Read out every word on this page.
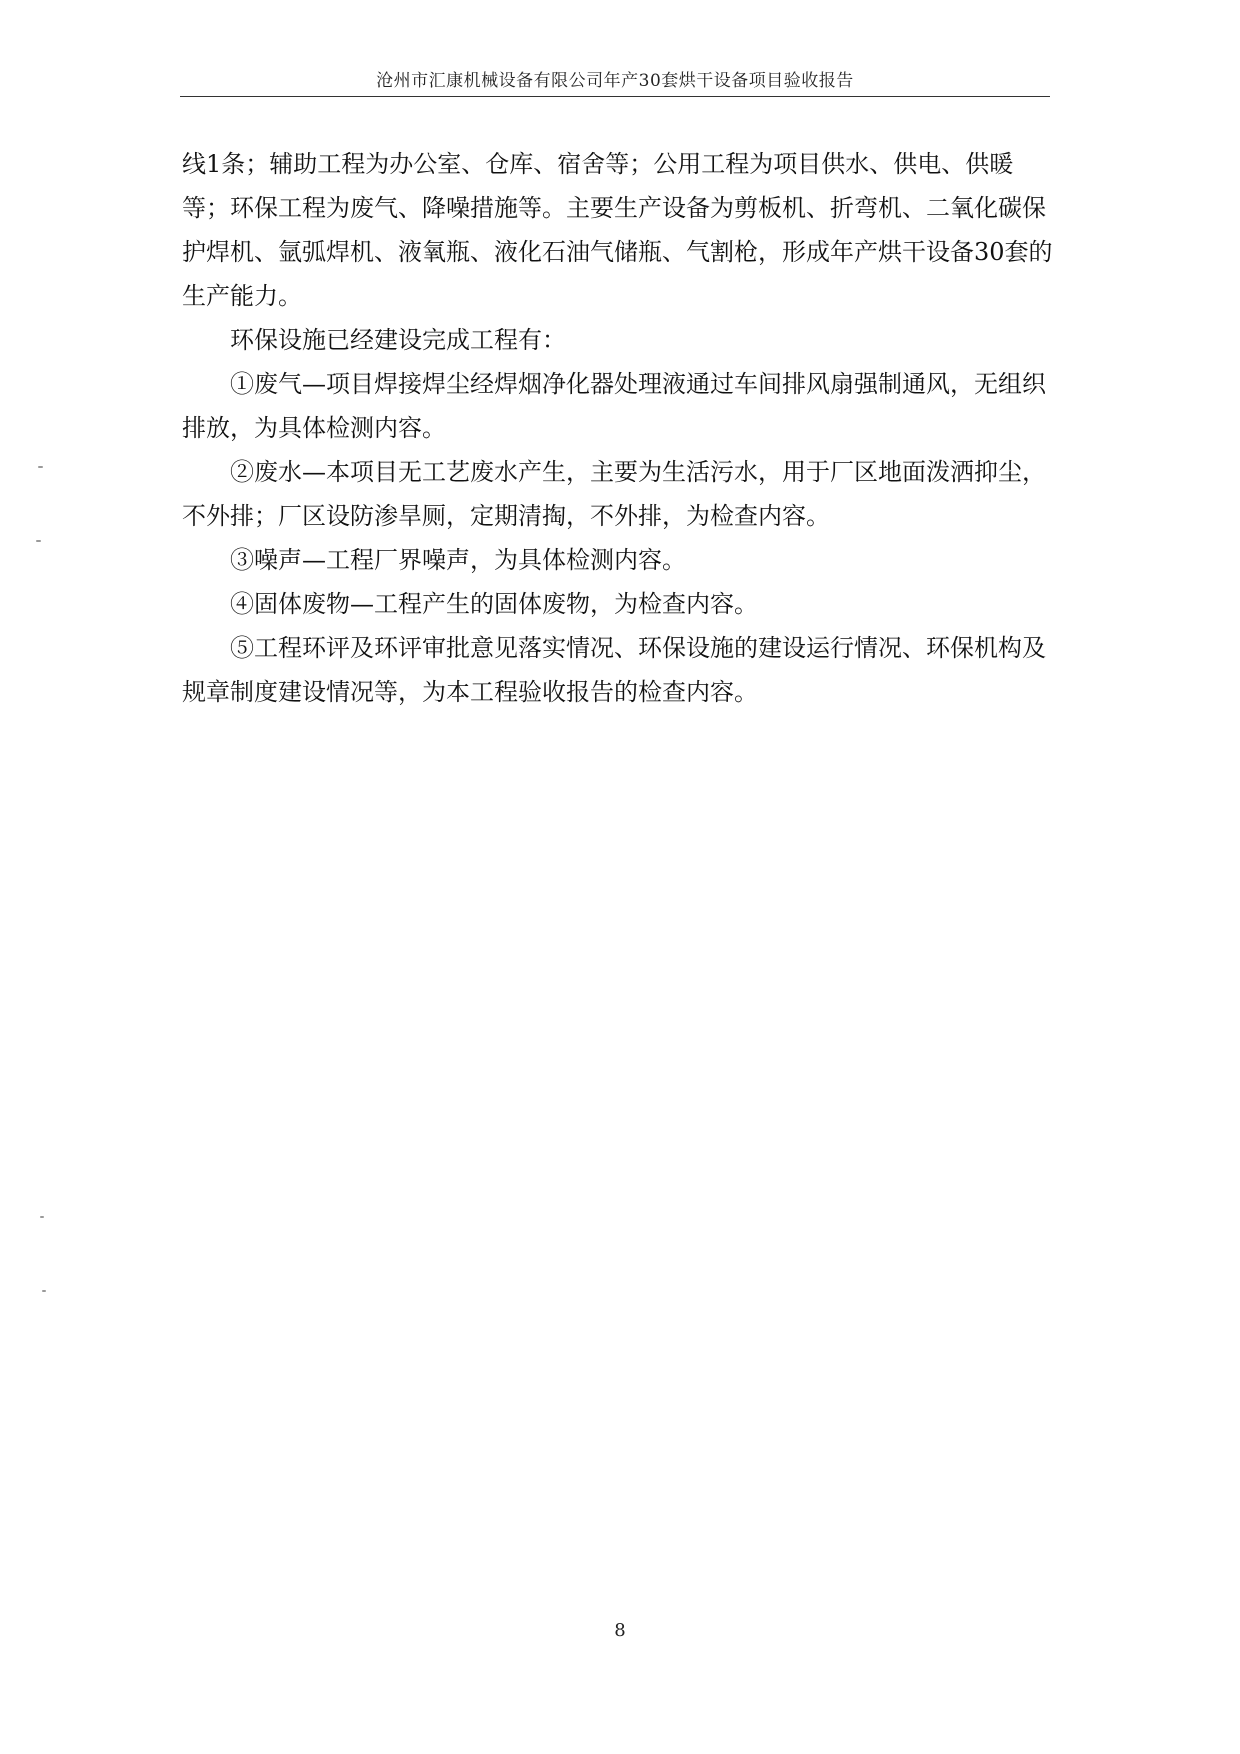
沧州市汇康机械设备有限公司年产30套烘干设备项目验收报告

线1条；辅助工程为办公室、仓库、宿舍等；公用工程为项目供水、供电、供暖等；环保工程为废气、降噪措施等。主要生产设备为剪板机、折弯机、二氧化碳保护焊机、氩弧焊机、液氧瓶、液化石油气储瓶、气割枪，形成年产烘干设备30套的生产能力。

环保设施已经建设完成工程有：

①废气—项目焊接焊尘经焊烟净化器处理液通过车间排风扇强制通风，无组织排放，为具体检测内容。

②废水—本项目无工艺废水产生，主要为生活污水，用于厂区地面泼洒抑尘，不外排；厂区设防渗旱厕，定期清掏，不外排，为检查内容。

③噪声—工程厂界噪声，为具体检测内容。

④固体废物—工程产生的固体废物，为检查内容。

⑤工程环评及环评审批意见落实情况、环保设施的建设运行情况、环保机构及规章制度建设情况等，为本工程验收报告的检查内容。

8
